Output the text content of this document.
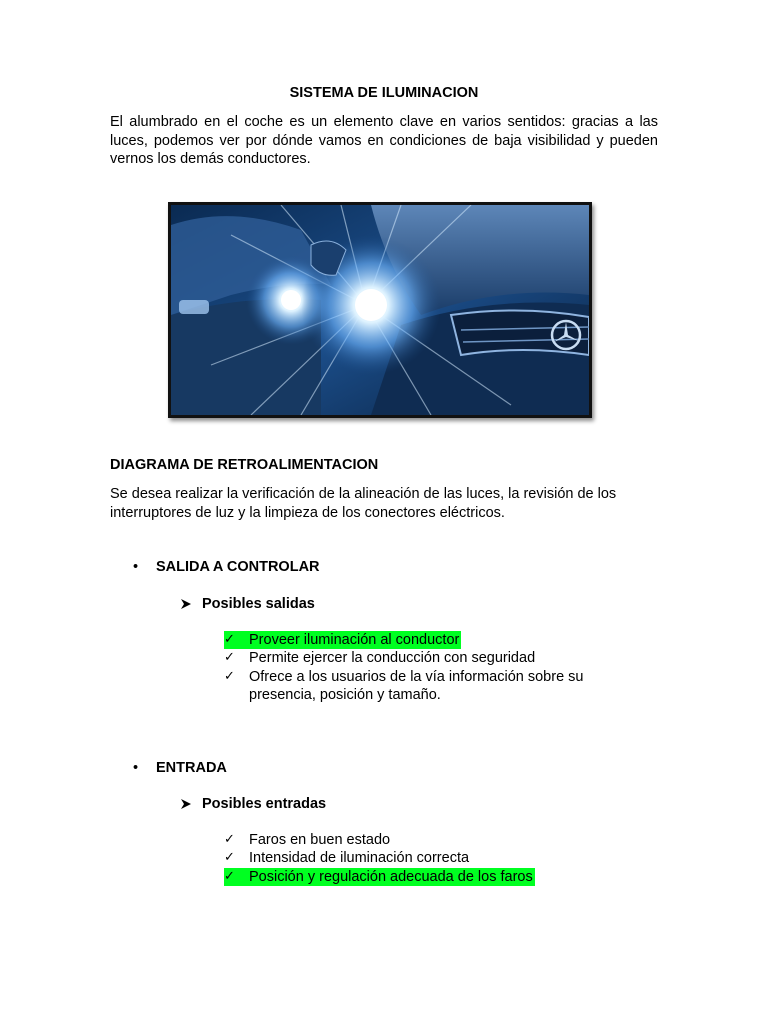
SISTEMA DE ILUMINACION
El alumbrado en el coche es un elemento clave en varios sentidos: gracias a las luces, podemos ver por dónde vamos en condiciones de baja visibilidad y pueden vernos los demás conductores.
DIAGRAMA DE RETROALIMENTACION
Se desea realizar la verificación de la alineación de las luces, la revisión de los interruptores de luz y la limpieza de los conectores eléctricos.
• SALIDA A CONTROLAR
Posibles salidas
✓ Proveer iluminación al conductor
✓ Permite ejercer la conducción con seguridad
✓ Ofrece a los usuarios de la vía información sobre su presencia, posición y tamaño.
• ENTRADA
Posibles entradas
✓ Faros en buen estado
✓ Intensidad de iluminación correcta
✓ Posición y regulación adecuada de los faros
